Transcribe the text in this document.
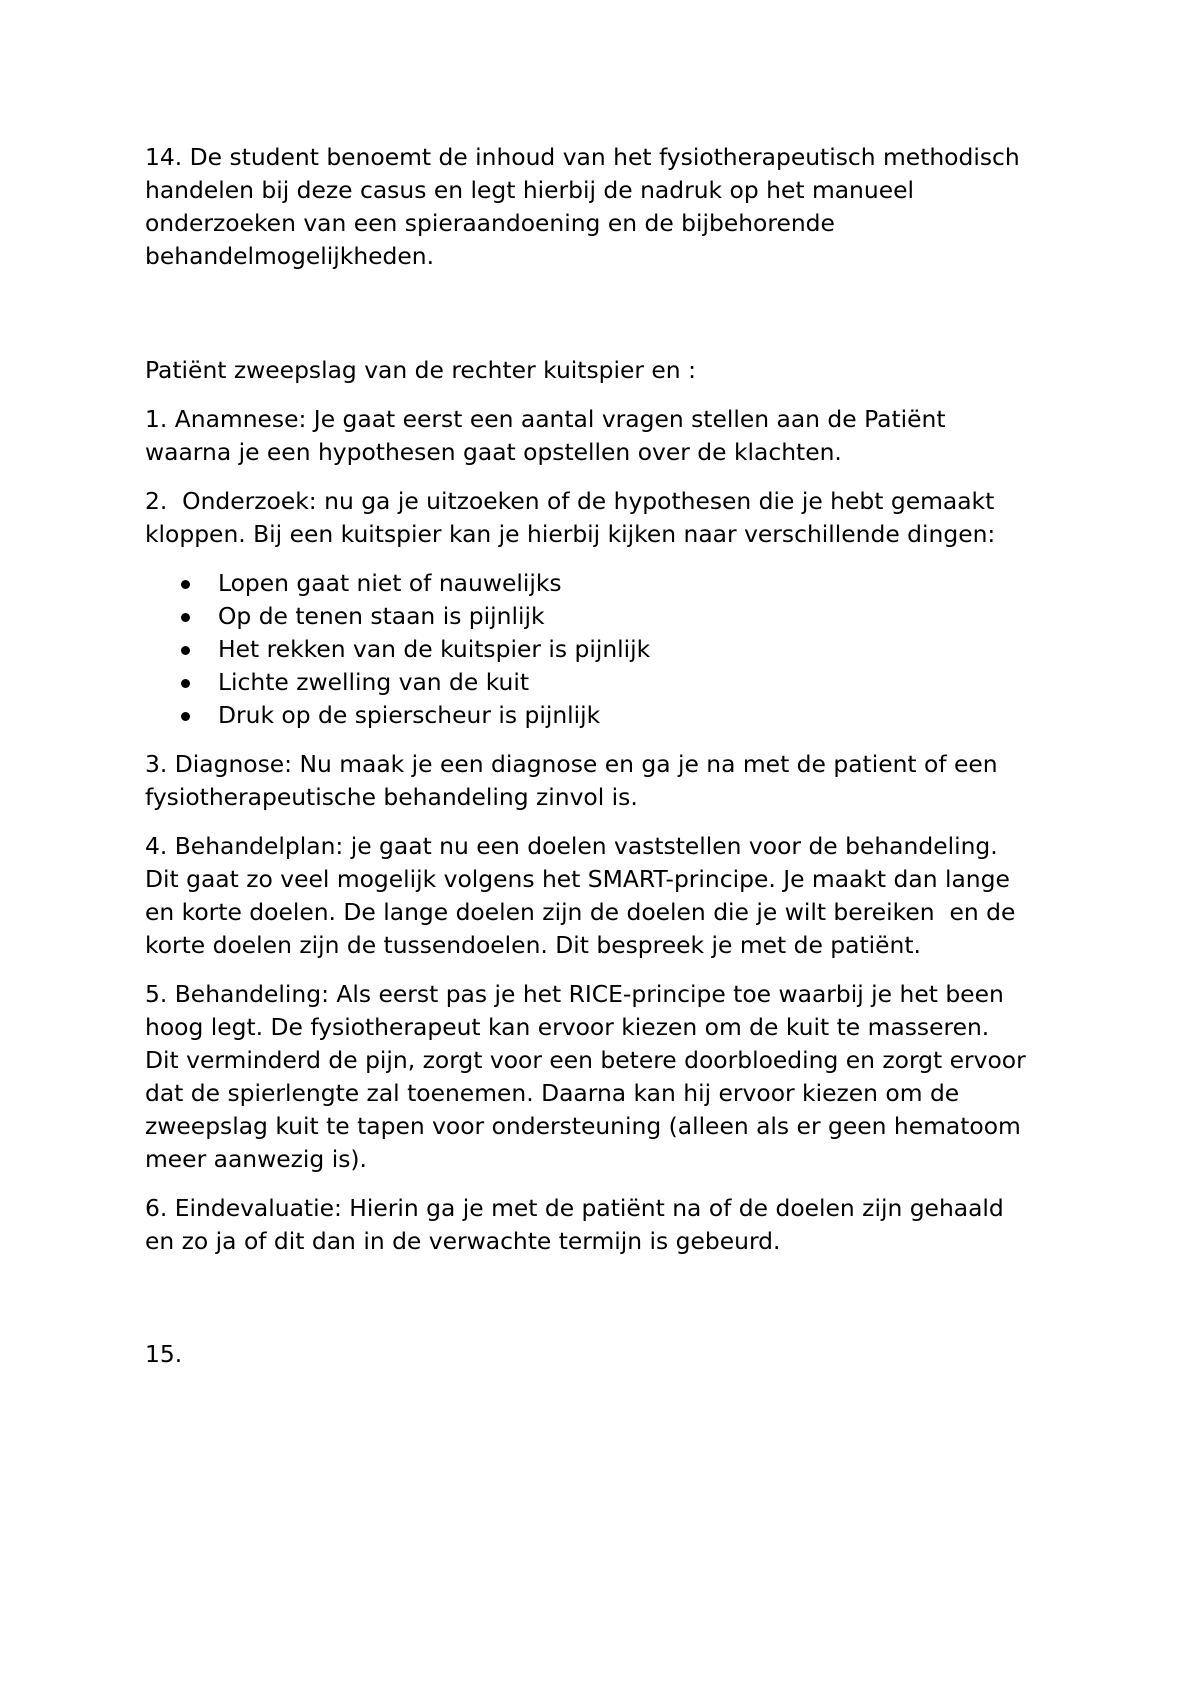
14. De student benoemt de inhoud van het fysiotherapeutisch methodisch
handelen bij deze casus en legt hierbij de nadruk op het manueel
onderzoeken van een spieraandoening en de bijbehorende
behandelmogelijkheden.

Patiënt zweepslag van de rechter kuitspier en :

1. Anamnese: Je gaat eerst een aantal vragen stellen aan de Patiënt
waarna je een hypothesen gaat opstellen over de klachten.

2.  Onderzoek: nu ga je uitzoeken of de hypothesen die je hebt gemaakt
kloppen. Bij een kuitspier kan je hierbij kijken naar verschillende dingen:

Lopen gaat niet of nauwelijks
Op de tenen staan is pijnlijk
Het rekken van de kuitspier is pijnlijk
Lichte zwelling van de kuit
Druk op de spierscheur is pijnlijk

3. Diagnose: Nu maak je een diagnose en ga je na met de patient of een
fysiotherapeutische behandeling zinvol is.

4. Behandelplan: je gaat nu een doelen vaststellen voor de behandeling.
Dit gaat zo veel mogelijk volgens het SMART-principe. Je maakt dan lange
en korte doelen. De lange doelen zijn de doelen die je wilt bereiken  en de
korte doelen zijn de tussendoelen. Dit bespreek je met de patiënt.

5. Behandeling: Als eerst pas je het RICE-principe toe waarbij je het been
hoog legt. De fysiotherapeut kan ervoor kiezen om de kuit te masseren.
Dit verminderd de pijn, zorgt voor een betere doorbloeding en zorgt ervoor
dat de spierlengte zal toenemen. Daarna kan hij ervoor kiezen om de
zweepslag kuit te tapen voor ondersteuning (alleen als er geen hematoom
meer aanwezig is).

6. Eindevaluatie: Hierin ga je met de patiënt na of de doelen zijn gehaald
en zo ja of dit dan in de verwachte termijn is gebeurd.

15.
